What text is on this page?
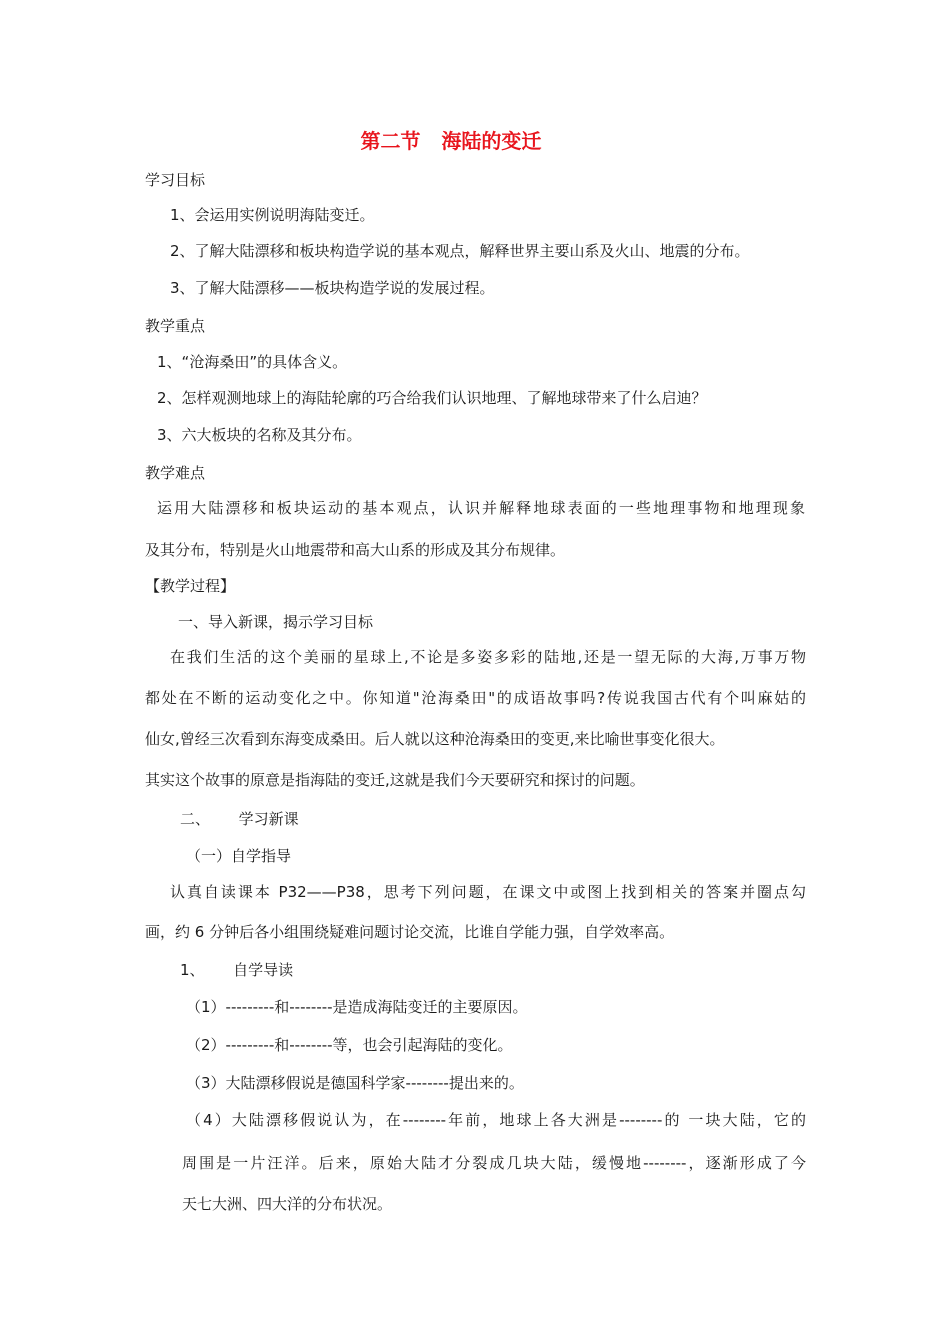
第二节   海陆的变迁
学习目标
1、会运用实例说明海陆变迁。
2、了解大陆漂移和板块构造学说的基本观点，解释世界主要山系及火山、地震的分布。
3、了解大陆漂移——板块构造学说的发展过程。
教学重点
1、“沧海桑田”的具体含义。
2、怎样观测地球上的海陆轮廓的巧合给我们认识地理、了解地球带来了什么启迪？
3、六大板块的名称及其分布。
教学难点
运用大陆漂移和板块运动的基本观点，认识并解释地球表面的一些地理事物和地理现象
及其分布，特别是火山地震带和高大山系的形成及其分布规律。
【教学过程】
一、导入新课，揭示学习目标
在我们生活的这个美丽的星球上,不论是多姿多彩的陆地,还是一望无际的大海,万事万物
都处在不断的运动变化之中。你知道"沧海桑田"的成语故事吗?传说我国古代有个叫麻姑的
仙女,曾经三次看到东海变成桑田。后人就以这种沧海桑田的变更,来比喻世事变化很大。
其实这个故事的原意是指海陆的变迁,这就是我们今天要研究和探讨的问题。
二、      学习新课
（一）自学指导
认真自读课本 P32——P38，思考下列问题，在课文中或图上找到相关的答案并圈点勾
画，约 6 分钟后各小组围绕疑难问题讨论交流，比谁自学能力强，自学效率高。
1、      自学导读
（1）---------和--------是造成海陆变迁的主要原因。
（2）---------和--------等，也会引起海陆的变化。
（3）大陆漂移假说是德国科学家--------提出来的。
（4）大陆漂移假说认为，在--------年前，地球上各大洲是--------的 一块大陆，它的
周围是一片汪洋。后来，原始大陆才分裂成几块大陆，缓慢地--------，逐渐形成了今
天七大洲、四大洋的分布状况。
